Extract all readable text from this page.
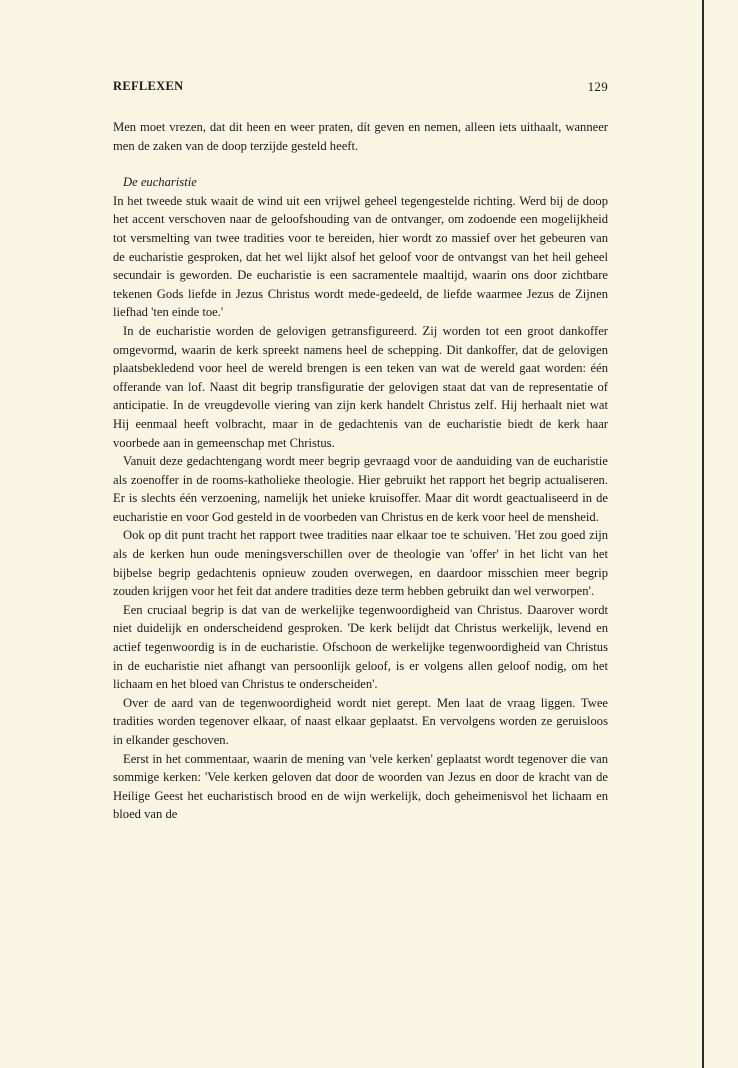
REFLEXEN	129

Men moet vrezen, dat dit heen en weer praten, dít geven en nemen, alleen iets uithaalt, wanneer men de zaken van de doop terzijde gesteld heeft.

De eucharistie

In het tweede stuk waait de wind uit een vrijwel geheel tegengestelde richting. Werd bij de doop het accent verschoven naar de geloofshouding van de ontvanger, om zodoende een mogelijkheid tot versmelting van twee tradities voor te bereiden, hier wordt zo massief over het gebeuren van de eucharistie gesproken, dat het wel lijkt alsof het geloof voor de ontvangst van het heil geheel secundair is geworden. De eucharistie is een sacramentele maaltijd, waarin ons door zichtbare tekenen Gods liefde in Jezus Christus wordt mede-gedeeld, de liefde waarmee Jezus de Zijnen liefhad 'ten einde toe.'

In de eucharistie worden de gelovigen getransfigureerd. Zij worden tot een groot dankoffer omgevormd, waarin de kerk spreekt namens heel de schepping. Dit dankoffer, dat de gelovigen plaatsbekledend voor heel de wereld brengen is een teken van wat de wereld gaat worden: één offerande van lof. Naast dit begrip transfiguratie der gelovigen staat dat van de representatie of anticipatie. In de vreugdevolle viering van zijn kerk handelt Christus zelf. Hij herhaalt niet wat Hij eenmaal heeft volbracht, maar in de gedachtenis van de eucharistie biedt de kerk haar voorbede aan in gemeenschap met Christus.

Vanuit deze gedachtengang wordt meer begrip gevraagd voor de aanduiding van de eucharistie als zoenoffer in de rooms-katholieke theologie. Hier gebruikt het rapport het begrip actualiseren. Er is slechts één verzoening, namelijk het unieke kruisoffer. Maar dit wordt geactualiseerd in de eucharistie en voor God gesteld in de voorbeden van Christus en de kerk voor heel de mensheid.

Ook op dit punt tracht het rapport twee tradities naar elkaar toe te schuiven. 'Het zou goed zijn als de kerken hun oude meningsverschillen over de theologie van 'offer' in het licht van het bijbelse begrip gedachtenis opnieuw zouden overwegen, en daardoor misschien meer begrip zouden krijgen voor het feit dat andere tradities deze term hebben gebruikt dan wel verworpen'.

Een cruciaal begrip is dat van de werkelijke tegenwoordigheid van Christus. Daarover wordt niet duidelijk en onderscheidend gesproken. 'De kerk belijdt dat Christus werkelijk, levend en actief tegenwoordig is in de eucharistie. Ofschoon de werkelijke tegenwoordigheid van Christus in de eucharistie niet afhangt van persoonlijk geloof, is er volgens allen geloof nodig, om het lichaam en het bloed van Christus te onderscheiden'.

Over de aard van de tegenwoordigheid wordt niet gerept. Men laat de vraag liggen. Twee tradities worden tegenover elkaar, of naast elkaar geplaatst. En vervolgens worden ze geruisloos in elkander geschoven.

Eerst in het commentaar, waarin de mening van 'vele kerken' geplaatst wordt tegenover die van sommige kerken: 'Vele kerken geloven dat door de woorden van Jezus en door de kracht van de Heilige Geest het eucharistisch brood en de wijn werkelijk, doch geheimenisvol het lichaam en bloed van de
